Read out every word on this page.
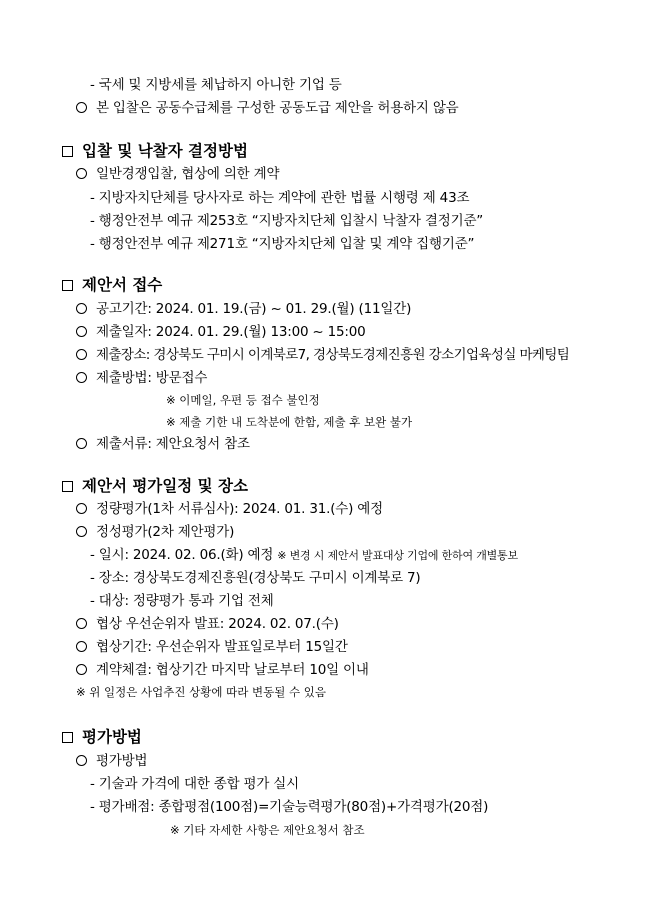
- 국세 및 지방세를 체납하지 아니한 기업 등
본 입찰은 공동수급체를 구성한 공동도급 제안을 허용하지 않음
입찰 및 낙찰자 결정방법
일반경쟁입찰, 협상에 의한 계약
- 지방자치단체를 당사자로 하는 계약에 관한 법률 시행령 제 43조
- 행정안전부 예규 제253호 “지방자치단체 입찰시 낙찰자 결정기준”
- 행정안전부 예규 제271호 “지방자치단체 입찰 및 계약 집행기준”
제안서 접수
공고기간: 2024. 01. 19.(금) ~ 01. 29.(월) (11일간)
제출일자: 2024. 01. 29.(월) 13:00 ~ 15:00
제출장소: 경상북도 구미시 이계북로7, 경상북도경제진흥원 강소기업육성실 마케팅팀
제출방법: 방문접수
※ 이메일, 우편 등 접수 불인정
※ 제출 기한 내 도착분에 한함, 제출 후 보완 불가
제출서류: 제안요청서 참조
제안서 평가일정 및 장소
정량평가(1차 서류심사): 2024. 01. 31.(수) 예정
정성평가(2차 제안평가)
- 일시: 2024. 02. 06.(화) 예정 ※ 변경 시 제안서 발표대상 기업에 한하여 개별통보
- 장소: 경상북도경제진흥원(경상북도 구미시 이계북로 7)
- 대상: 정량평가 통과 기업 전체
협상 우선순위자 발표: 2024. 02. 07.(수)
협상기간: 우선순위자 발표일로부터 15일간
계약체결: 협상기간 마지막 날로부터 10일 이내
※ 위 일정은 사업추진 상황에 따라 변동될 수 있음
평가방법
평가방법
- 기술과 가격에 대한 종합 평가 실시
- 평가배점: 종합평점(100점)=기술능력평가(80점)+가격평가(20점)
※ 기타 자세한 사항은 제안요청서 참조
